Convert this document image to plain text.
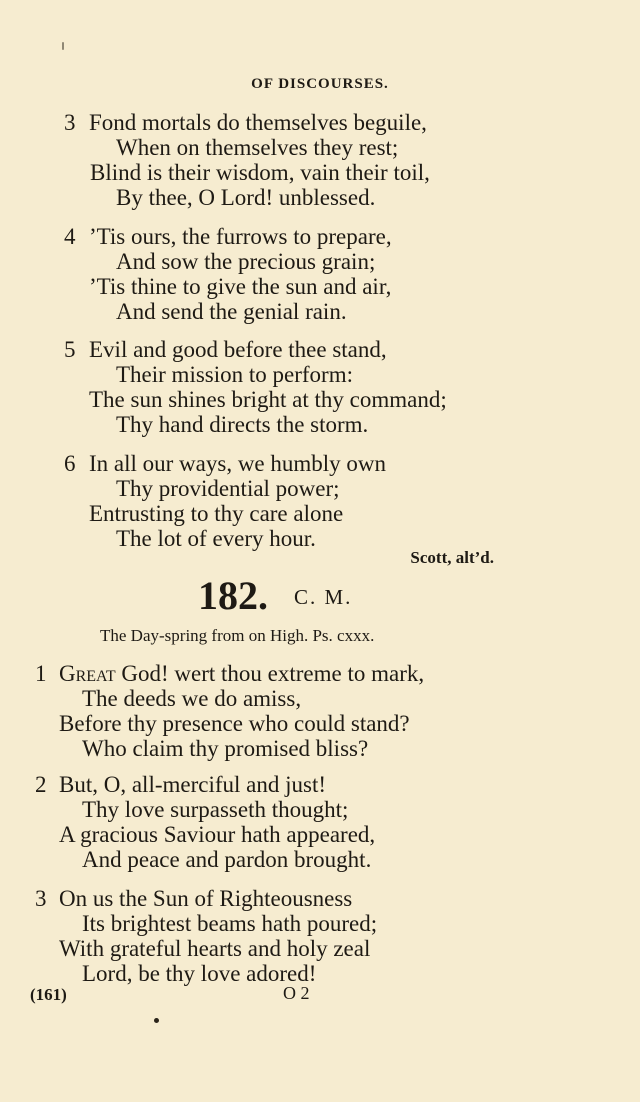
OF DISCOURSES.
3 Fond mortals do themselves beguile,
When on themselves they rest;
Blind is their wisdom, vain their toil,
By thee, O Lord! unblessed.
4 ’Tis ours, the furrows to prepare,
And sow the precious grain;
’Tis thine to give the sun and air,
And send the genial rain.
5 Evil and good before thee stand,
Their mission to perform:
The sun shines bright at thy command;
Thy hand directs the storm.
6 In all our ways, we humbly own
Thy providential power;
Entrusting to thy care alone
The lot of every hour.
Scott, alt’d.
182. C. M.
The Day-spring from on High. Ps. cxxx.
1 Great God! wert thou extreme to mark,
The deeds we do amiss,
Before thy presence who could stand?
Who claim thy promised bliss?
2 But, O, all-merciful and just!
Thy love surpasseth thought;
A gracious Saviour hath appeared,
And peace and pardon brought.
3 On us the Sun of Righteousness
Its brightest beams hath poured;
With grateful hearts and holy zeal
Lord, be thy love adored!
(161)	O 2
